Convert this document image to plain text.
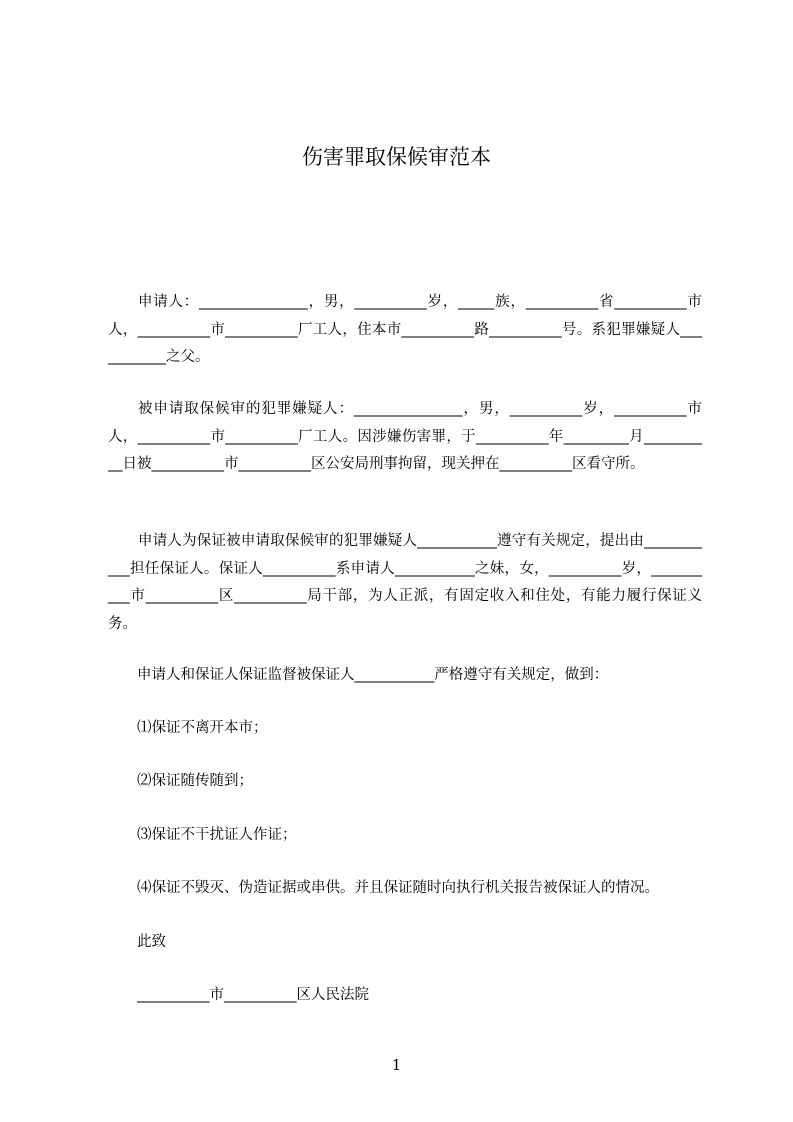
伤害罪取保候审范本
申请人：_______________，男，__________岁，_____族，__________省__________市人，__________市__________厂工人，住本市__________路__________号。系犯罪嫌疑人___________之父。
被申请取保候审的犯罪嫌疑人：_______________，男，__________岁，__________市人，__________市__________厂工人。因涉嫌伤害罪，于__________年_________月__________日被__________市__________区公安局刑事拘留，现关押在__________区看守所。
申请人为保证被申请取保候审的犯罪嫌疑人___________遵守有关规定，提出由___________担任保证人。保证人__________系申请人___________之妹，女，__________岁，__________市__________区__________局干部，为人正派，有固定收入和住处，有能力履行保证义务。
申请人和保证人保证监督被保证人___________严格遵守有关规定，做到：
⑴保证不离开本市；
⑵保证随传随到；
⑶保证不干扰证人作证；
⑷保证不毁灭、伪造证据或串供。并且保证随时向执行机关报告被保证人的情况。
此致
__________市__________区人民法院
1
